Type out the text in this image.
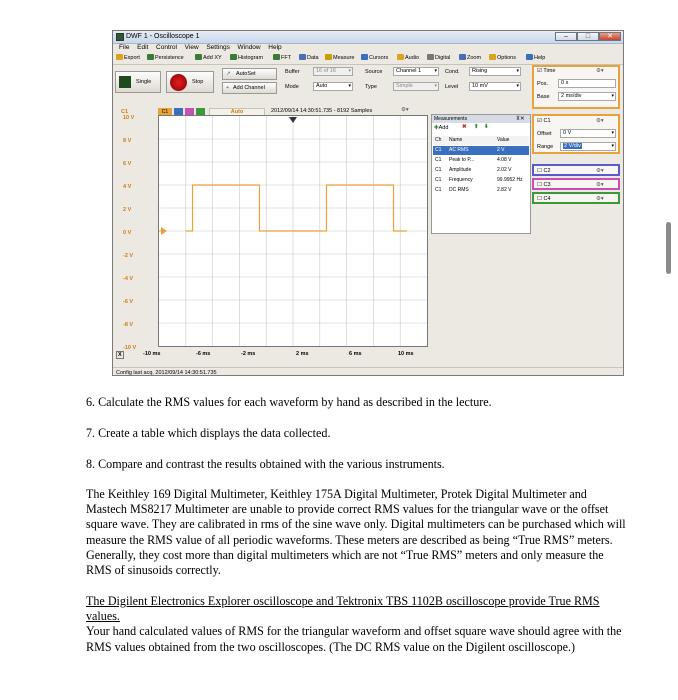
DWF 1 - Oscilloscope 1	–	□	✕
File Edit Control View Settings Window Help
Export	Persistence	Add XY	Histogram	FFT	Data	Measure	Cursors	Audio	Digital	Zoom	Options	Help
Single	Stop
↗ AutoSet
+ Add Channel
Buffer	16 of 16	▾
Mode	Auto	▾
Source	Channel 1	▾
Type	Simple	▾
Cond.	Rising	▾
Level	10 mV	▾
☑ Time	⚙▾
Pos.	0 s
Base	2 ms/div	▾
C1	C1	Auto	2012/09/14 14:30:51.735 - 8192 Samples	⚙▾
10 V
8 V
6 V
4 V
2 V
0 V
-2 V
-4 V
-6 V
-8 V
-10 V
X	-10 ms	-6 ms	-2 ms	2 ms	6 ms	10 ms
Measurements	⊼✕
✚Add ✖ ⬆ ⬇
Ch Name	Value
C1 AC RMS	2 V
C1 Peak to P...	4.08 V
C1 Amplitude	2.02 V
C1 Frequency	99.9952 Hz
C1 DC RMS	2.82 V
☑ C1	⚙▾
Offset	0 V	▾
Range	2 V/div	▾
☐ C2	⚙▾
☐ C3	⚙▾
☐ C4	⚙▾
Config last acq. 2012/09/14 14:30:51.735
6. Calculate the RMS values for each waveform by hand as described in the lecture.
7. Create a table which displays the data collected.
8. Compare and contrast the results obtained with the various instruments.
The Keithley 169 Digital Multimeter, Keithley 175A Digital Multimeter, Protek Digital Multimeter and Mastech MS8217 Multimeter are unable to provide correct RMS values for the triangular wave or the offset square wave. They are calibrated in rms of the sine wave only. Digital multimeters can be purchased which will measure the RMS value of all periodic waveforms. These meters are described as being “True RMS” meters. Generally, they cost more than digital multimeters which are not “True RMS” meters and only measure the RMS of sinusoids correctly.
The Digilent Electronics Explorer oscilloscope and Tektronix TBS 1102B oscilloscope provide True RMS values.
Your hand calculated values of RMS for the triangular waveform and offset square wave should agree with the RMS values obtained from the two oscilloscopes. (The DC RMS value on the Digilent oscilloscope.)
